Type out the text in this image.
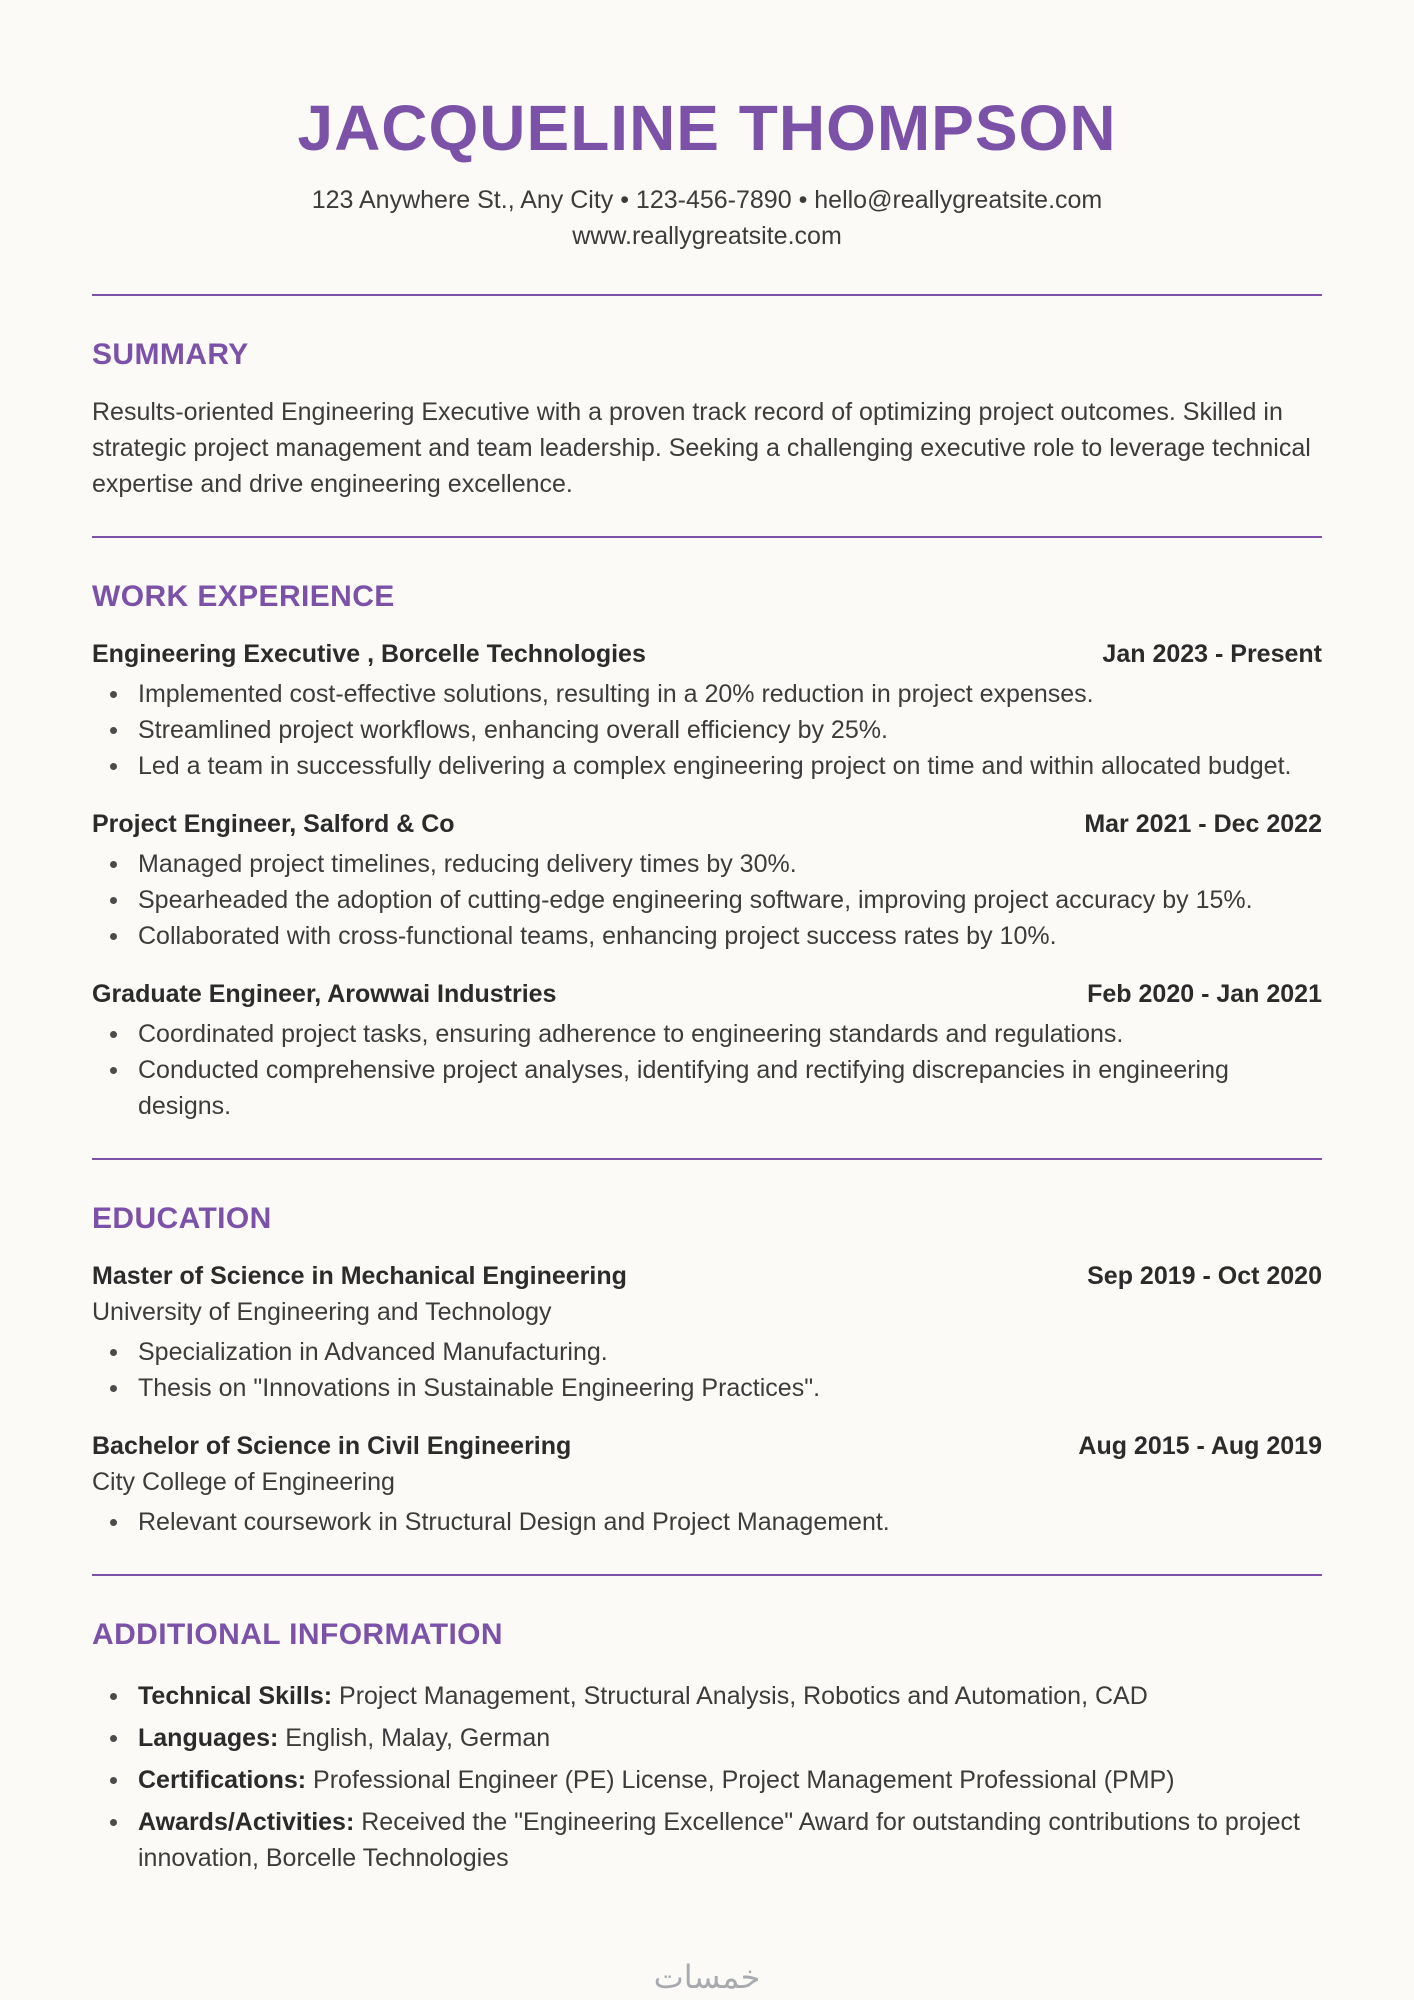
JACQUELINE THOMPSON

123 Anywhere St., Any City • 123-456-7890 • hello@reallygreatsite.com

www.reallygreatsite.com

SUMMARY

Results-oriented Engineering Executive with a proven track record of optimizing project outcomes. Skilled in strategic project management and team leadership. Seeking a challenging executive role to leverage technical expertise and drive engineering excellence.

WORK EXPERIENCE
Engineering Executive , Borcelle Technologies	Jan 2023 - Present
Implemented cost-effective solutions, resulting in a 20% reduction in project expenses.
Streamlined project workflows, enhancing overall efficiency by 25%.
Led a team in successfully delivering a complex engineering project on time and within allocated budget.
Project Engineer, Salford & Co	Mar 2021 - Dec 2022
Managed project timelines, reducing delivery times by 30%.
Spearheaded the adoption of cutting-edge engineering software, improving project accuracy by 15%.
Collaborated with cross-functional teams, enhancing project success rates by 10%.
Graduate Engineer, Arowwai Industries	Feb 2020 - Jan 2021
Coordinated project tasks, ensuring adherence to engineering standards and regulations.
Conducted comprehensive project analyses, identifying and rectifying discrepancies in engineering designs.
EDUCATION
Master of Science in Mechanical Engineering	Sep 2019 - Oct 2020

University of Engineering and Technology

Specialization in Advanced Manufacturing.
Thesis on "Innovations in Sustainable Engineering Practices".
Bachelor of Science in Civil Engineering	Aug 2015 - Aug 2019

City College of Engineering

Relevant coursework in Structural Design and Project Management.
ADDITIONAL INFORMATION
Technical Skills: Project Management, Structural Analysis, Robotics and Automation, CAD
Languages: English, Malay, German
Certifications: Professional Engineer (PE) License, Project Management Professional (PMP)
Awards/Activities: Received the "Engineering Excellence" Award for outstanding contributions to project innovation, Borcelle Technologies
خمسات
